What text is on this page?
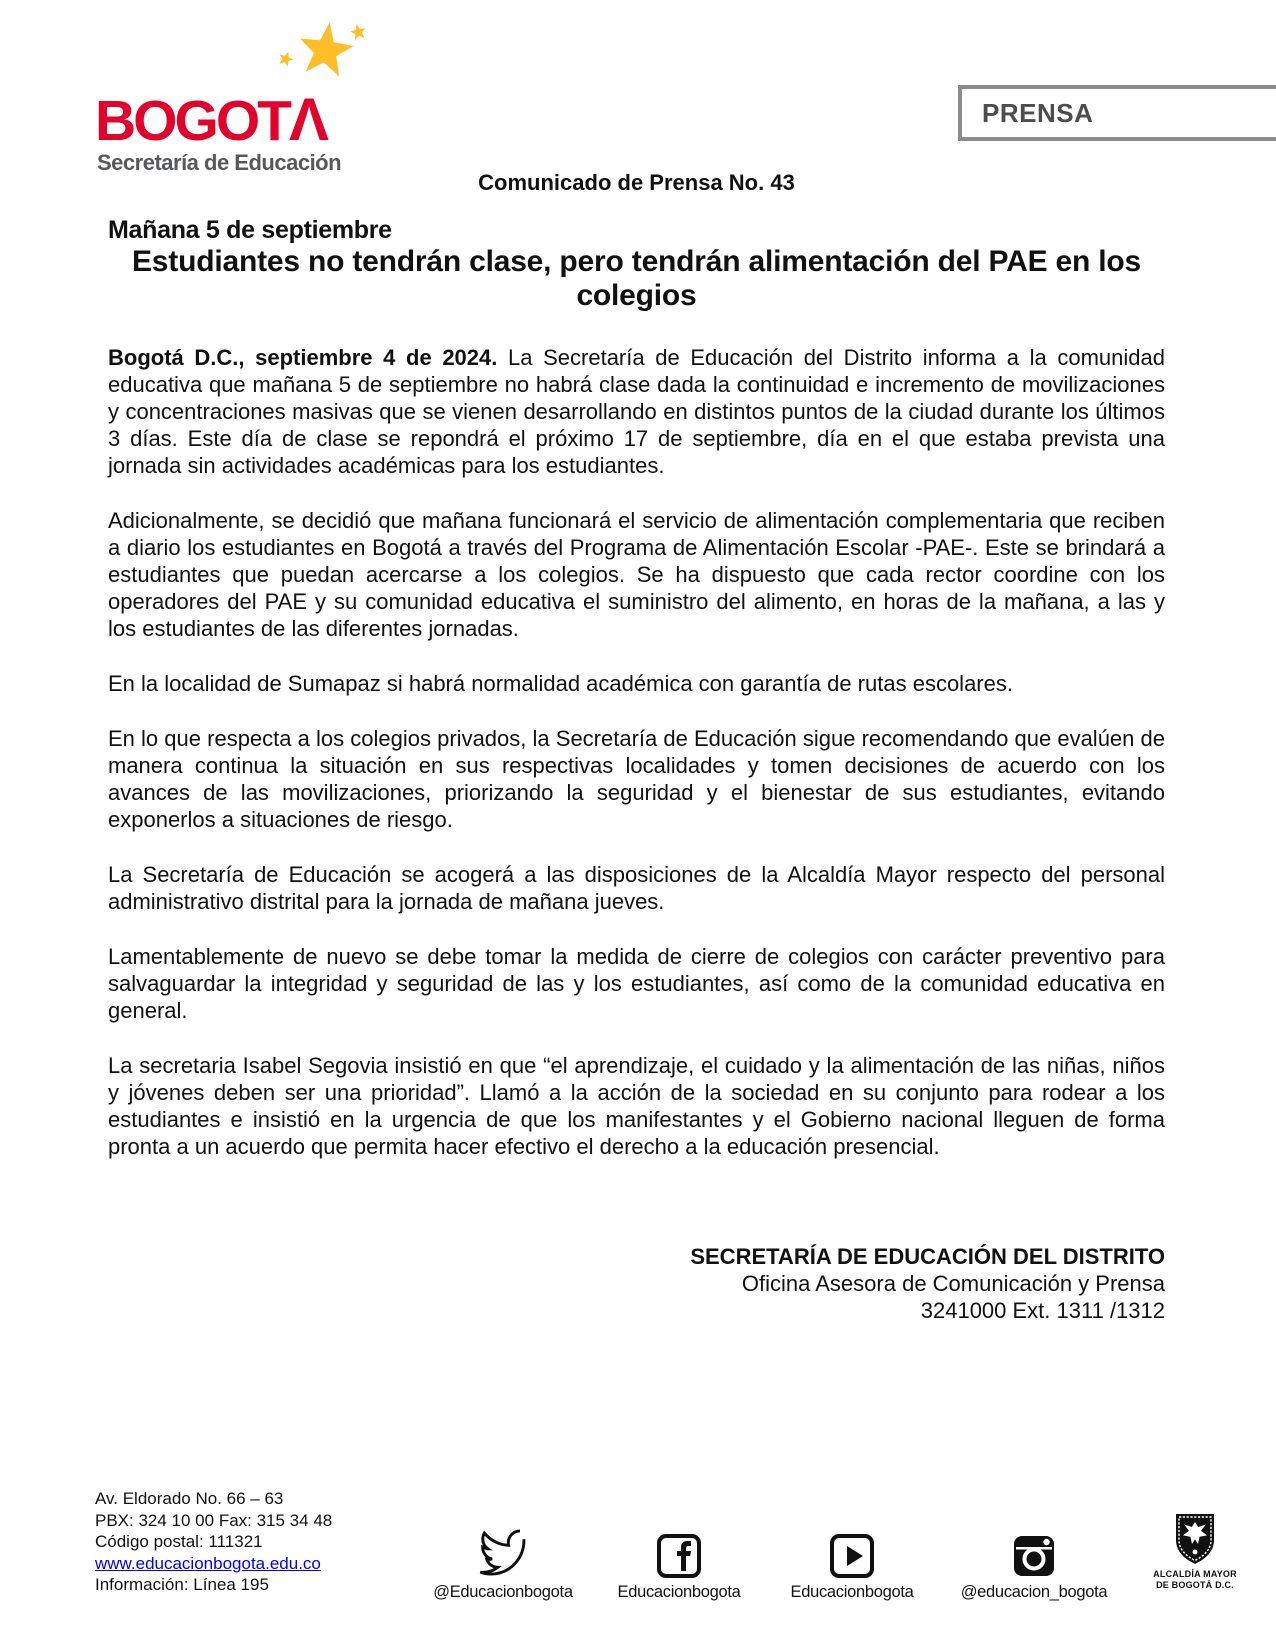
BOGOTΛ
Secretaría de Educación
PRENSA
Comunicado de Prensa No. 43
Mañana 5 de septiembre
Estudiantes no tendrán clase, pero tendrán alimentación del PAE en los colegios

Bogotá D.C., septiembre 4 de 2024. La Secretaría de Educación del Distrito informa a la comunidad educativa que mañana 5 de septiembre no habrá clase dada la continuidad e incremento de movilizaciones y concentraciones masivas que se vienen desarrollando en distintos puntos de la ciudad durante los últimos 3 días. Este día de clase se repondrá el próximo 17 de septiembre, día en el que estaba prevista una jornada sin actividades académicas para los estudiantes.

Adicionalmente, se decidió que mañana funcionará el servicio de alimentación complementaria que reciben a diario los estudiantes en Bogotá a través del Programa de Alimentación Escolar -PAE-. Este se brindará a estudiantes que puedan acercarse a los colegios. Se ha dispuesto que cada rector coordine con los operadores del PAE y su comunidad educativa el suministro del alimento, en horas de la mañana, a las y los estudiantes de las diferentes jornadas.

En la localidad de Sumapaz si habrá normalidad académica con garantía de rutas escolares.

En lo que respecta a los colegios privados, la Secretaría de Educación sigue recomendando que evalúen de manera continua la situación en sus respectivas localidades y tomen decisiones de acuerdo con los avances de las movilizaciones, priorizando la seguridad y el bienestar de sus estudiantes, evitando exponerlos a situaciones de riesgo.

La Secretaría de Educación se acogerá a las disposiciones de la Alcaldía Mayor respecto del personal administrativo distrital para la jornada de mañana jueves.

Lamentablemente de nuevo se debe tomar la medida de cierre de colegios con carácter preventivo para salvaguardar la integridad y seguridad de las y los estudiantes, así como de la comunidad educativa en general.

La secretaria Isabel Segovia insistió en que “el aprendizaje, el cuidado y la alimentación de las niñas, niños y jóvenes deben ser una prioridad”. Llamó a la acción de la sociedad en su conjunto para rodear a los estudiantes e insistió en la urgencia de que los manifestantes y el Gobierno nacional lleguen de forma pronta a un acuerdo que permita hacer efectivo el derecho a la educación presencial.

SECRETARÍA DE EDUCACIÓN DEL DISTRITO
Oficina Asesora de Comunicación y Prensa
3241000 Ext. 1311 /1312
Av. Eldorado No. 66 – 63
PBX: 324 10 00 Fax: 315 34 48
Código postal: 111321
www.educacionbogota.edu.co
Información: Línea 195	@Educacionbogota	Educacionbogota	Educacionbogota	@educacion_bogota
ALCALDÍA MAYOR
DE BOGOTÁ D.C.
